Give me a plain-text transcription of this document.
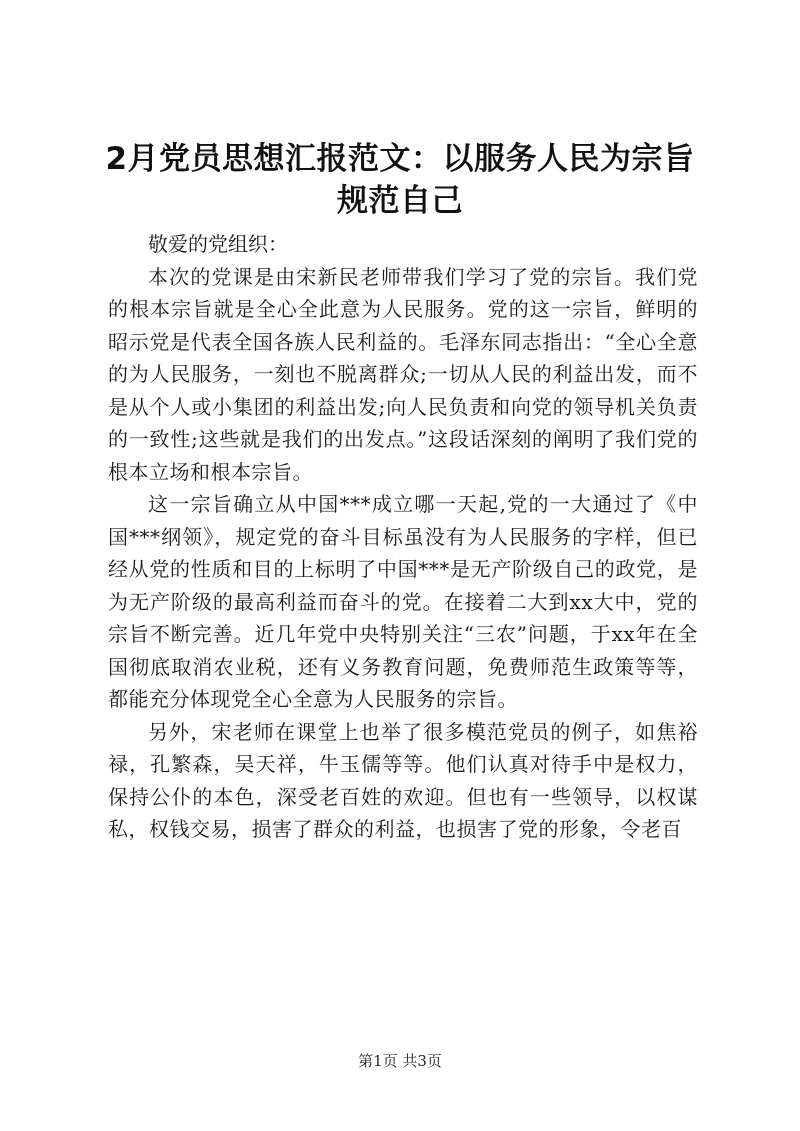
2月党员思想汇报范文：以服务人民为宗旨规范自己

敬爱的党组织：

本次的党课是由宋新民老师带我们学习了党的宗旨。我们党的根本宗旨就是全心全此意为人民服务。党的这一宗旨，鲜明的昭示党是代表全国各族人民利益的。毛泽东同志指出：“全心全意的为人民服务，一刻也不脱离群众;一切从人民的利益出发，而不是从个人或小集团的利益出发;向人民负责和向党的领导机关负责的一致性;这些就是我们的出发点。”这段话深刻的阐明了我们党的根本立场和根本宗旨。

这一宗旨确立从中国***成立哪一天起,党的一大通过了《中国***纲领》，规定党的奋斗目标虽没有为人民服务的字样，但已经从党的性质和目的上标明了中国***是无产阶级自己的政党，是为无产阶级的最高利益而奋斗的党。在接着二大到xx大中，党的宗旨不断完善。近几年党中央特别关注“三农”问题，于xx年在全国彻底取消农业税，还有义务教育问题，免费师范生政策等等，都能充分体现党全心全意为人民服务的宗旨。

另外，宋老师在课堂上也举了很多模范党员的例子，如焦裕禄，孔繁森，吴天祥，牛玉儒等等。他们认真对待手中是权力，保持公仆的本色，深受老百姓的欢迎。但也有一些领导，以权谋私，权钱交易，损害了群众的利益，也损害了党的形象，令老百

第1页 共3页
